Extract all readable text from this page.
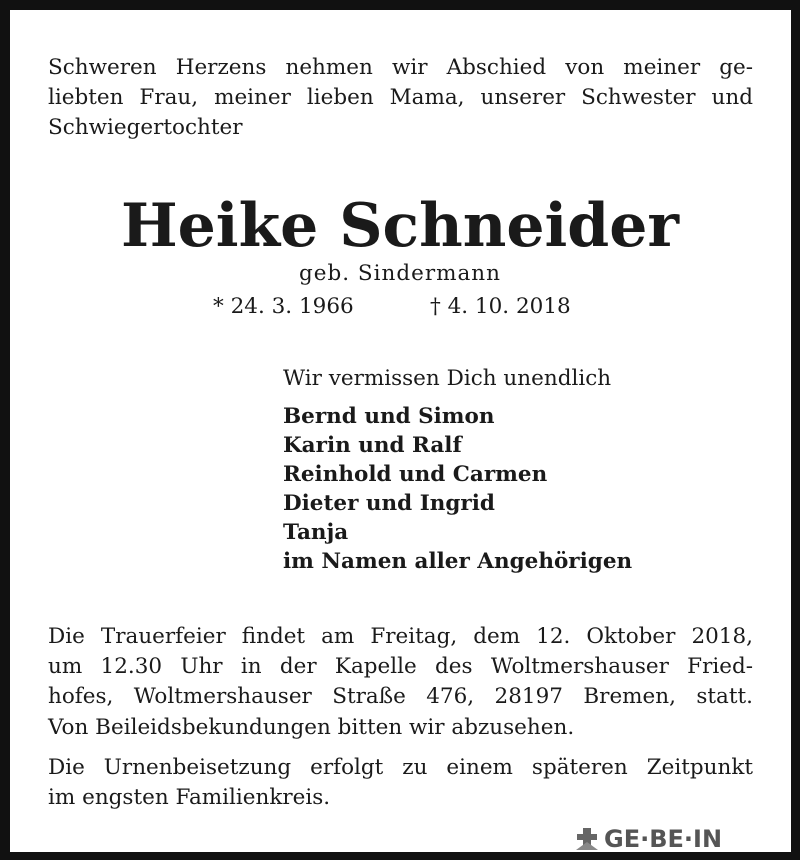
Schweren Herzens nehmen wir Abschied von meiner ge-
liebten Frau, meiner lieben Mama, unserer Schwester und
Schwiegertochter

Heike Schneider
geb. Sindermann
* 24. 3. 1966	† 4. 10. 2018
Wir vermissen Dich unendlich
Bernd und Simon
Karin und Ralf
Reinhold und Carmen
Dieter und Ingrid
Tanja
im Namen aller Angehörigen

Die Trauerfeier findet am Freitag, dem 12. Oktober 2018,
um 12.30 Uhr in der Kapelle des Woltmershauser Fried-
hofes, Woltmershauser Straße 476, 28197 Bremen, statt.

Von Beileidsbekundungen bitten wir abzusehen.

Die Urnenbeisetzung erfolgt zu einem späteren Zeitpunkt
im engsten Familienkreis.

GE·BE·IN
